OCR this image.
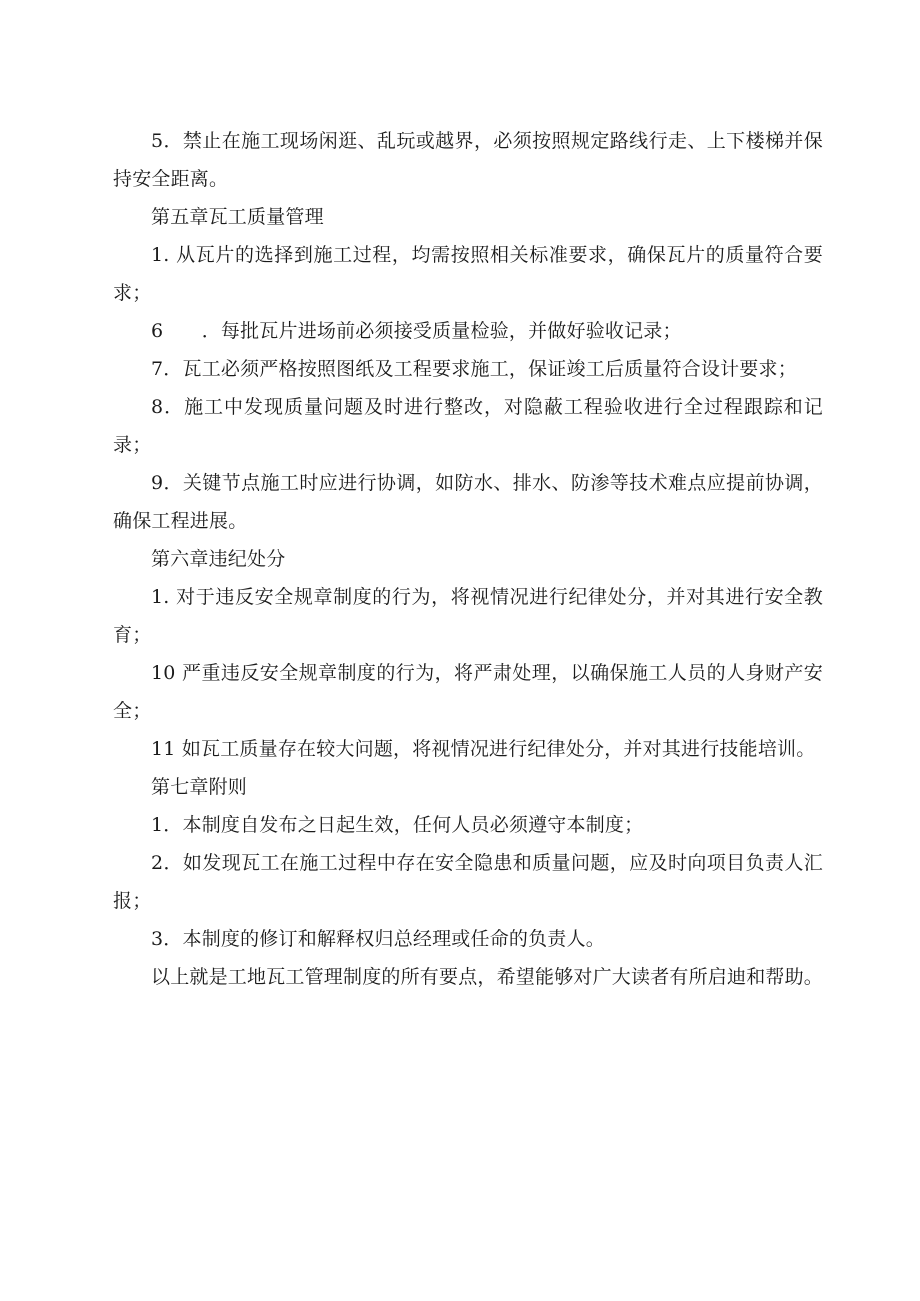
5．禁止在施工现场闲逛、乱玩或越界，必须按照规定路线行走、上下楼梯并保持安全距离。

第五章瓦工质量管理

1. 从瓦片的选择到施工过程，均需按照相关标准要求，确保瓦片的质量符合要求；

6　　．每批瓦片进场前必须接受质量检验，并做好验收记录；

7．瓦工必须严格按照图纸及工程要求施工，保证竣工后质量符合设计要求；

8．施工中发现质量问题及时进行整改，对隐蔽工程验收进行全过程跟踪和记录；

9．关键节点施工时应进行协调，如防水、排水、防渗等技术难点应提前协调，确保工程进展。

第六章违纪处分

1. 对于违反安全规章制度的行为，将视情况进行纪律处分，并对其进行安全教育；

10 严重违反安全规章制度的行为，将严肃处理，以确保施工人员的人身财产安全；

11 如瓦工质量存在较大问题，将视情况进行纪律处分，并对其进行技能培训。

第七章附则

1．本制度自发布之日起生效，任何人员必须遵守本制度；

2．如发现瓦工在施工过程中存在安全隐患和质量问题，应及时向项目负责人汇报；

3．本制度的修订和解释权归总经理或任命的负责人。

以上就是工地瓦工管理制度的所有要点，希望能够对广大读者有所启迪和帮助。
